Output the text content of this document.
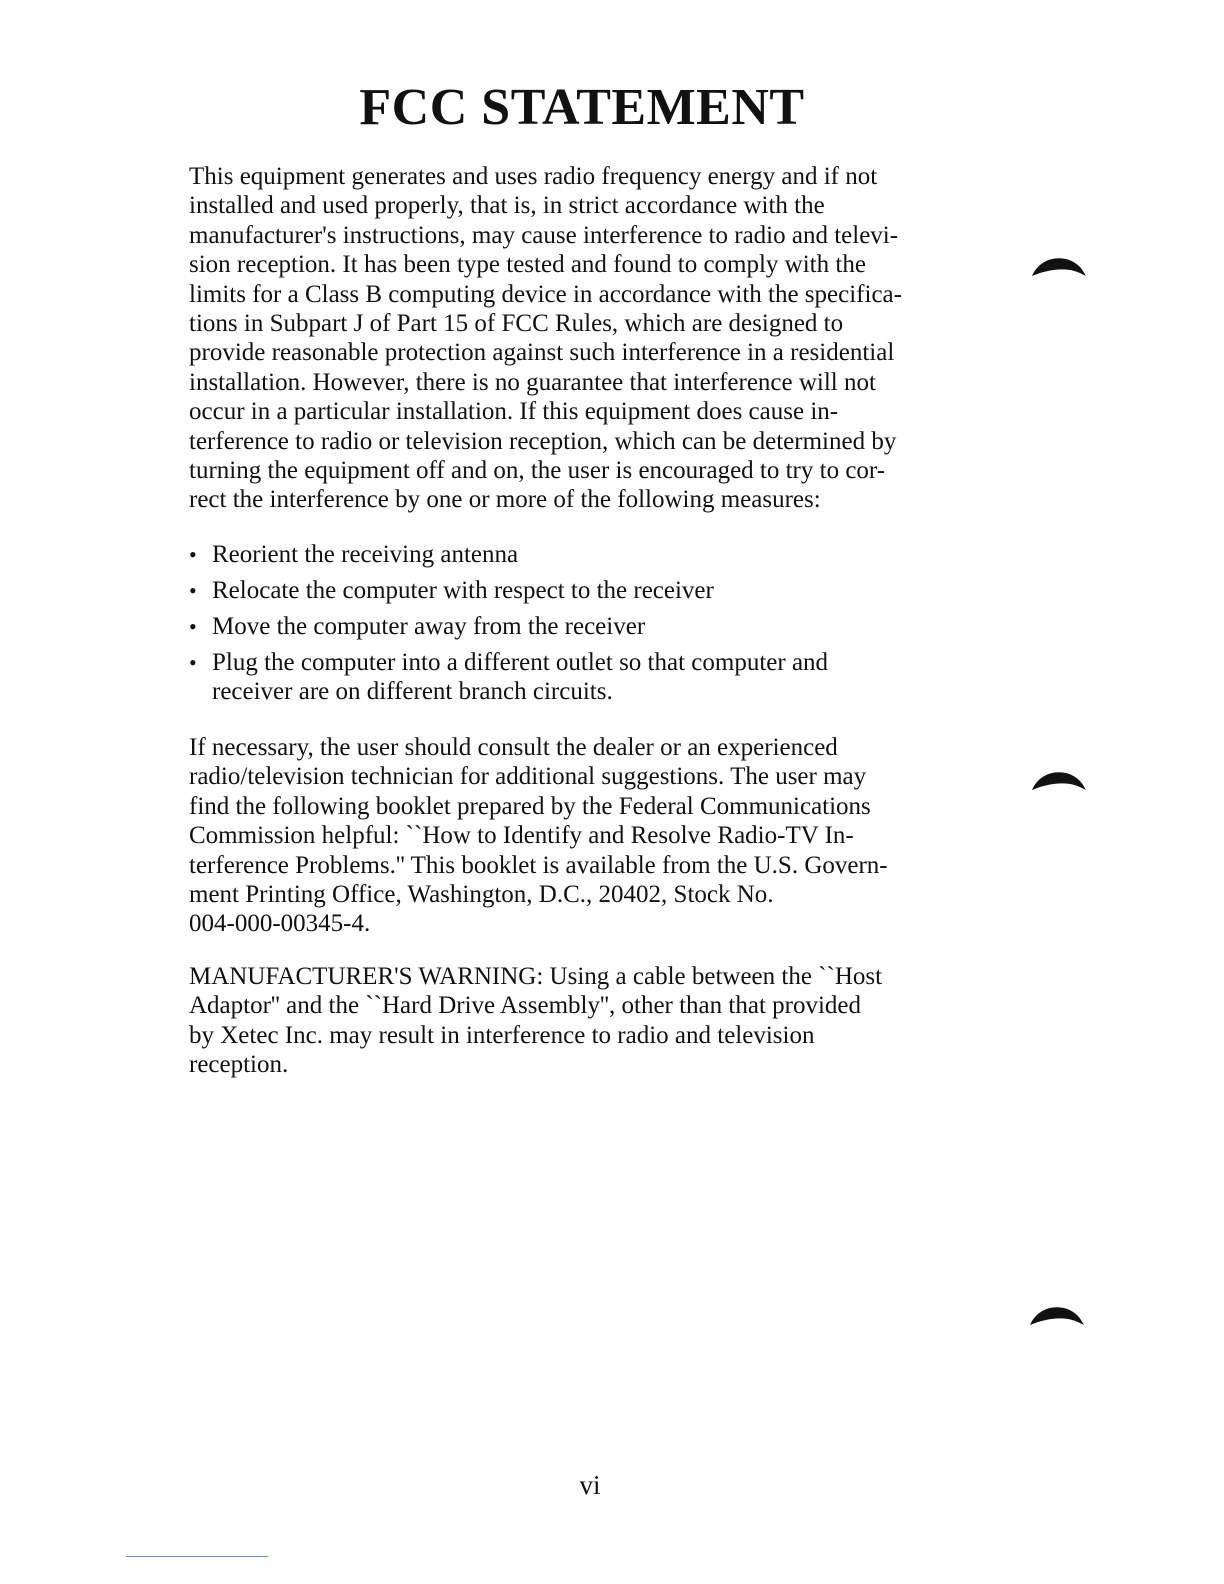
FCC STATEMENT
This equipment generates and uses radio frequency energy and if not
installed and used properly, that is, in strict accordance with the
manufacturer's instructions, may cause interference to radio and televi-
sion reception. It has been type tested and found to comply with the
limits for a Class B computing device in accordance with the specifica-
tions in Subpart J of Part 15 of FCC Rules, which are designed to
provide reasonable protection against such interference in a residential
installation. However, there is no guarantee that interference will not
occur in a particular installation. If this equipment does cause in-
terference to radio or television reception, which can be determined by
turning the equipment off and on, the user is encouraged to try to cor-
rect the interference by one or more of the following measures:
• Reorient the receiving antenna
• Relocate the computer with respect to the receiver
• Move the computer away from the receiver
• Plug the computer into a different outlet so that computer and
receiver are on different branch circuits.
If necessary, the user should consult the dealer or an experienced
radio/television technician for additional suggestions. The user may
find the following booklet prepared by the Federal Communications
Commission helpful: ``How to Identify and Resolve Radio-TV In-
terference Problems.'' This booklet is available from the U.S. Govern-
ment Printing Office, Washington, D.C., 20402, Stock No.
004-000-00345-4.
MANUFACTURER'S WARNING: Using a cable between the ``Host
Adaptor'' and the ``Hard Drive Assembly'', other than that provided
by Xetec Inc. may result in interference to radio and television
reception.
vi
